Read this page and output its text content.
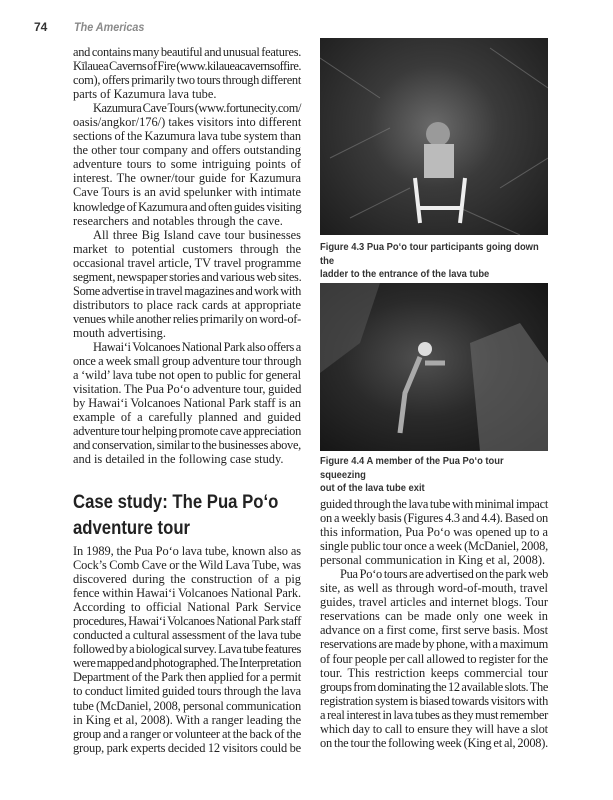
74 The Americas
and contains many beautiful and unusual features.
Kīlauea Caverns of Fire (www.kilaueacavernsoffire.
com), offers primarily two tours through different
parts of Kazumura lava tube.
Kazumura Cave Tours (www.fortunecity.com/
oasis/angkor/176/) takes visitors into different
sections of the Kazumura lava tube system than
the other tour company and offers outstanding
adventure tours to some intriguing points of
interest. The owner/tour guide for Kazumura
Cave Tours is an avid spelunker with intimate
knowledge of Kazumura and often guides visiting
researchers and notables through the cave.
All three Big Island cave tour businesses
market to potential customers through the
occasional travel article, TV travel programme
segment, newspaper stories and various web sites.
Some advertise in travel magazines and work with
distributors to place rack cards at appropriate
venues while another relies primarily on word-of-
mouth advertising.
Hawai‘i Volcanoes National Park also offers a
once a week small group adventure tour through
a ‘wild’ lava tube not open to public for general
visitation. The Pua Po‘o adventure tour, guided
by Hawai‘i Volcanoes National Park staff is an
example of a carefully planned and guided
adventure tour helping promote cave appreciation
and conservation, similar to the businesses above,
and is detailed in the following case study.
Case study: The Pua Po‘o
adventure tour
In 1989, the Pua Po‘o lava tube, known also as
Cock’s Comb Cave or the Wild Lava Tube, was
discovered during the construction of a pig
fence within Hawai‘i Volcanoes National Park.
According to official National Park Service
procedures, Hawai‘i Volcanoes National Park staff
conducted a cultural assessment of the lava tube
followed by a biological survey. Lava tube features
were mapped and photographed. The Interpretation
Department of the Park then applied for a permit
to conduct limited guided tours through the lava
tube (McDaniel, 2008, personal communication
in King et al, 2008). With a ranger leading the
group and a ranger or volunteer at the back of the
group, park experts decided 12 visitors could be
Figure 4.3 Pua Po‘o tour participants going down the
ladder to the entrance of the lava tube
Figure 4.4 A member of the Pua Po‘o tour squeezing
out of the lava tube exit
guided through the lava tube with minimal impact
on a weekly basis (Figures 4.3 and 4.4). Based on
this information, Pua Po‘o was opened up to a
single public tour once a week (McDaniel, 2008,
personal communication in King et al, 2008).
Pua Po‘o tours are advertised on the park web
site, as well as through word-of-mouth, travel
guides, travel articles and internet blogs. Tour
reservations can be made only one week in
advance on a first come, first serve basis. Most
reservations are made by phone, with a maximum
of four people per call allowed to register for the
tour. This restriction keeps commercial tour
groups from dominating the 12 available slots. The
registration system is biased towards visitors with
a real interest in lava tubes as they must remember
which day to call to ensure they will have a slot
on the tour the following week (King et al, 2008).
